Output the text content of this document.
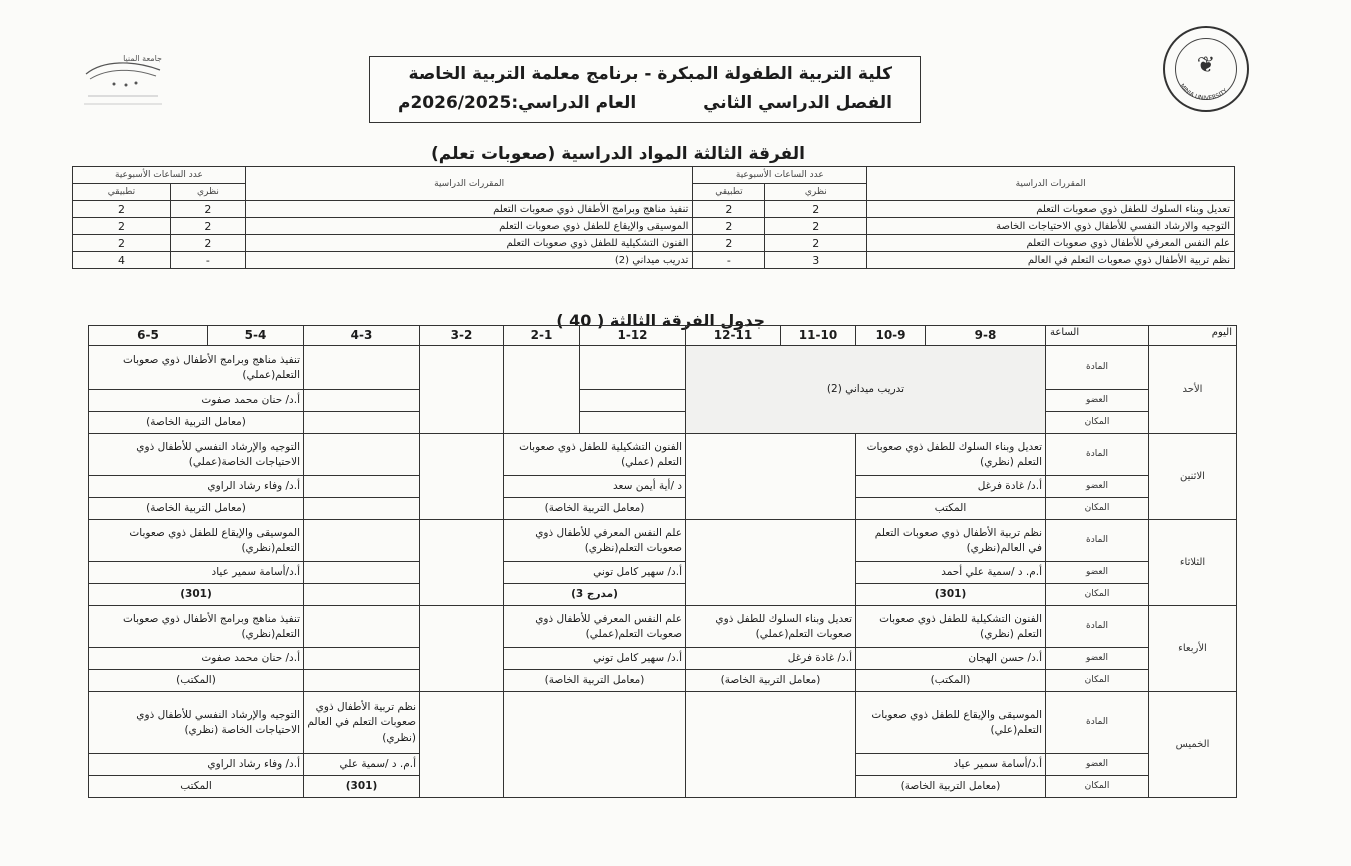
❦
MINIA UNIVERSITY
جامعة المنيا
كلية التربية الطفولة المبكرة - برنامج معلمة التربية الخاصة
الفصل الدراسي الثاني
العام الدراسي:2026/2025م
الفرقة الثالثة المواد الدراسية (صعوبات تعلم)
المقررات الدراسية	عدد الساعات الأسبوعية		المقررات الدراسية	عدد الساعات الأسبوعية	
	نظري	تطبيقي		نظري	تطبيقي
تعديل وبناء السلوك للطفل ذوي صعوبات التعلم	2	2	تنفيذ مناهج وبرامج الأطفال ذوي صعوبات التعلم	2	2
التوجيه والارشاد النفسي للأطفال ذوي الاحتياجات الخاصة	2	2	الموسيقى والإيقاع للطفل ذوي صعوبات التعلم	2	2
علم النفس المعرفي للأطفال ذوي صعوبات التعلم	2	2	الفنون التشكيلية للطفل ذوي صعوبات التعلم	2	2
نظم تربية الأطفال ذوي صعوبات التعلم في العالم	3	-	تدريب ميداني (2)	-	4
جدول الفرقة الثالثة ( 40 )
اليوم	الساعة	9-8	10-9	11-10	12-11	1-12	2-1	3-2	4-3	5-4	6-5
الأحد	المادة	تدريب ميداني (2)								تنفيذ مناهج وبرامج الأطفال ذوي صعوبات التعلم(عملي)	
	العضو									أ.د/ حنان محمد صفوت	
	المكان									(معامل التربية الخاصة)	
الاثنين	المادة	تعديل وبناء السلوك للطفل ذوي صعوبات التعلم (نظري)				الفنون التشكيلية للطفل ذوي صعوبات التعلم (عملي)				التوجيه والإرشاد النفسي للأطفال ذوي الاحتياجات الخاصة(عملي)	
	العضو	أ.د/ غادة فرغل				د /أية أيمن سعد				أ.د/ وفاء رشاد الراوي	
	المكان	المكتب				(معامل التربية الخاصة)				(معامل التربية الخاصة)	
الثلاثاء	المادة	نظم تربية الأطفال ذوي صعوبات التعلم في العالم(نظري)				علم النفس المعرفي للأطفال ذوي صعوبات التعلم(نظري)				الموسيقى والإيقاع للطفل ذوي صعوبات التعلم(نظري)	
	العضو	أ.م. د /سمية علي أحمد				أ.د/ سهير كامل توني				أ.د/أسامة سمير عياد	
	المكان	(301)				(مدرج 3)				(301)	
الأربعاء	المادة	الفنون التشكيلية للطفل ذوي صعوبات التعلم (نظري)		تعديل وبناء السلوك للطفل ذوي صعوبات التعلم(عملي)		علم النفس المعرفي للأطفال ذوي صعوبات التعلم(عملي)				تنفيذ مناهج وبرامج الأطفال ذوي صعوبات التعلم(نظري)	
	العضو	أ.د/ حسن الهجان		أ.د/ غادة فرغل		أ.د/ سهير كامل توني				أ.د/ حنان محمد صفوت	
	المكان	(المكتب)		(معامل التربية الخاصة)		(معامل التربية الخاصة)				(المكتب)	
الخميس	المادة	الموسيقى والإيقاع للطفل ذوي صعوبات التعلم(علي)							نظم تربية الأطفال ذوي صعوبات التعلم في العالم (نظري)	التوجيه والإرشاد النفسي للأطفال ذوي الاحتياجات الخاصة (نظري)	
	العضو	أ.د/أسامة سمير عياد							أ.م. د /سمية علي	أ.د/ وفاء رشاد الراوي	
	المكان	(معامل التربية الخاصة)							(301)	المكتب	
